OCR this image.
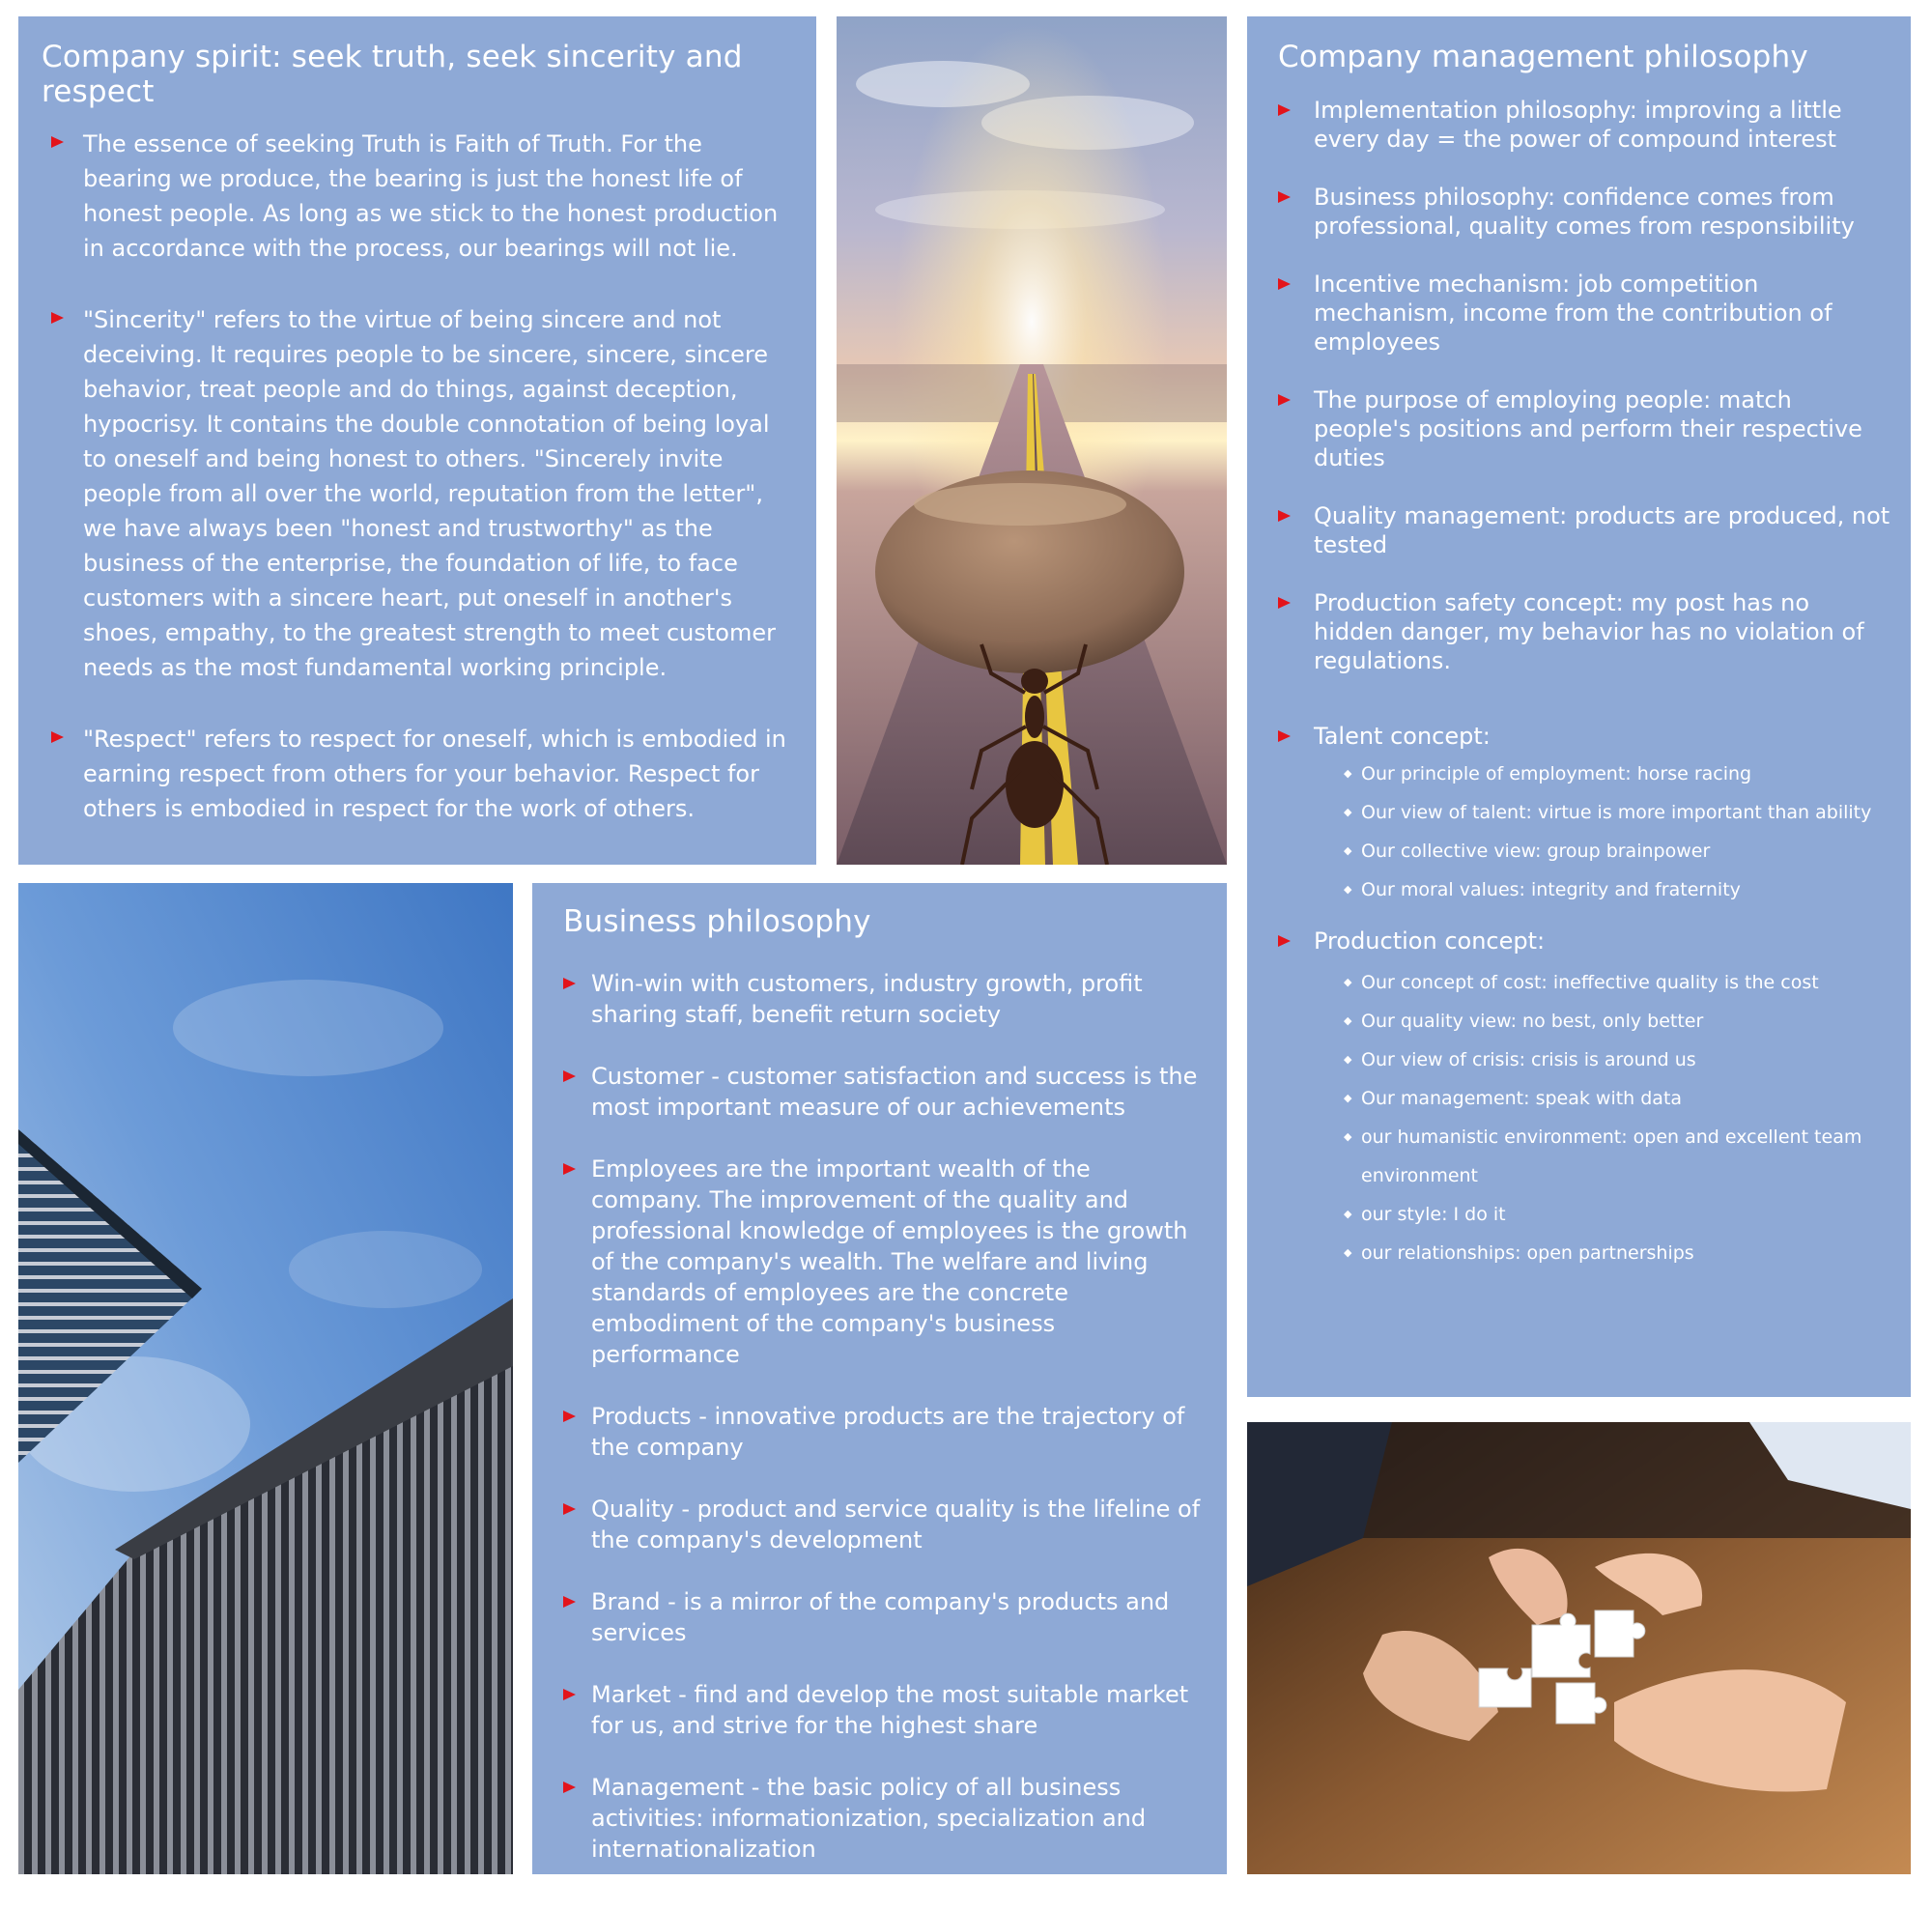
Company spirit: seek truth, seek sincerity and respect
The essence of seeking Truth is Faith of Truth. For the bearing we produce, the bearing is just the honest life of honest people. As long as we stick to the honest production in accordance with the process, our bearings will not lie.
"Sincerity" refers to the virtue of being sincere and not deceiving. It requires people to be sincere, sincere, sincere behavior, treat people and do things, against deception, hypocrisy. It contains the double connotation of being loyal to oneself and being honest to others. "Sincerely invite people from all over the world, reputation from the letter", we have always been "honest and trustworthy" as the business of the enterprise, the foundation of life, to face customers with a sincere heart, put oneself in another's shoes, empathy, to the greatest strength to meet customer needs as the most fundamental working principle.
"Respect" refers to respect for oneself, which is embodied in earning respect from others for your behavior. Respect for others is embodied in respect for the work of others.
Company management philosophy
Implementation philosophy: improving a little every day = the power of compound interest
Business philosophy: confidence comes from professional, quality comes from responsibility
Incentive mechanism: job competition mechanism, income from the contribution of employees
The purpose of employing people: match people's positions and perform their respective duties
Quality management: products are produced, not tested
Production safety concept: my post has no hidden danger, my behavior has no violation of regulations.
Talent concept:
◆ Our principle of employment: horse racing
◆ Our view of talent: virtue is more important than ability
◆ Our collective view: group brainpower
◆ Our moral values: integrity and fraternity
Production concept:
◆ Our concept of cost: ineffective quality is the cost
◆ Our quality view: no best, only better
◆ Our view of crisis: crisis is around us
◆ Our management: speak with data
◆ our humanistic environment: open and excellent team environment
◆ our style: I do it
◆ our relationships: open partnerships
Business philosophy
Win-win with customers, industry growth, profit sharing staff, benefit return society
Customer - customer satisfaction and success is the most important measure of our achievements
Employees are the important wealth of the company. The improvement of the quality and professional knowledge of employees is the growth of the company's wealth. The welfare and living standards of employees are the concrete embodiment of the company's business performance
Products - innovative products are the trajectory of the company
Quality - product and service quality is the lifeline of the company's development
Brand - is a mirror of the company's products and services
Market - find and develop the most suitable market for us, and strive for the highest share
Management - the basic policy of all business activities: informationization, specialization and internationalization
